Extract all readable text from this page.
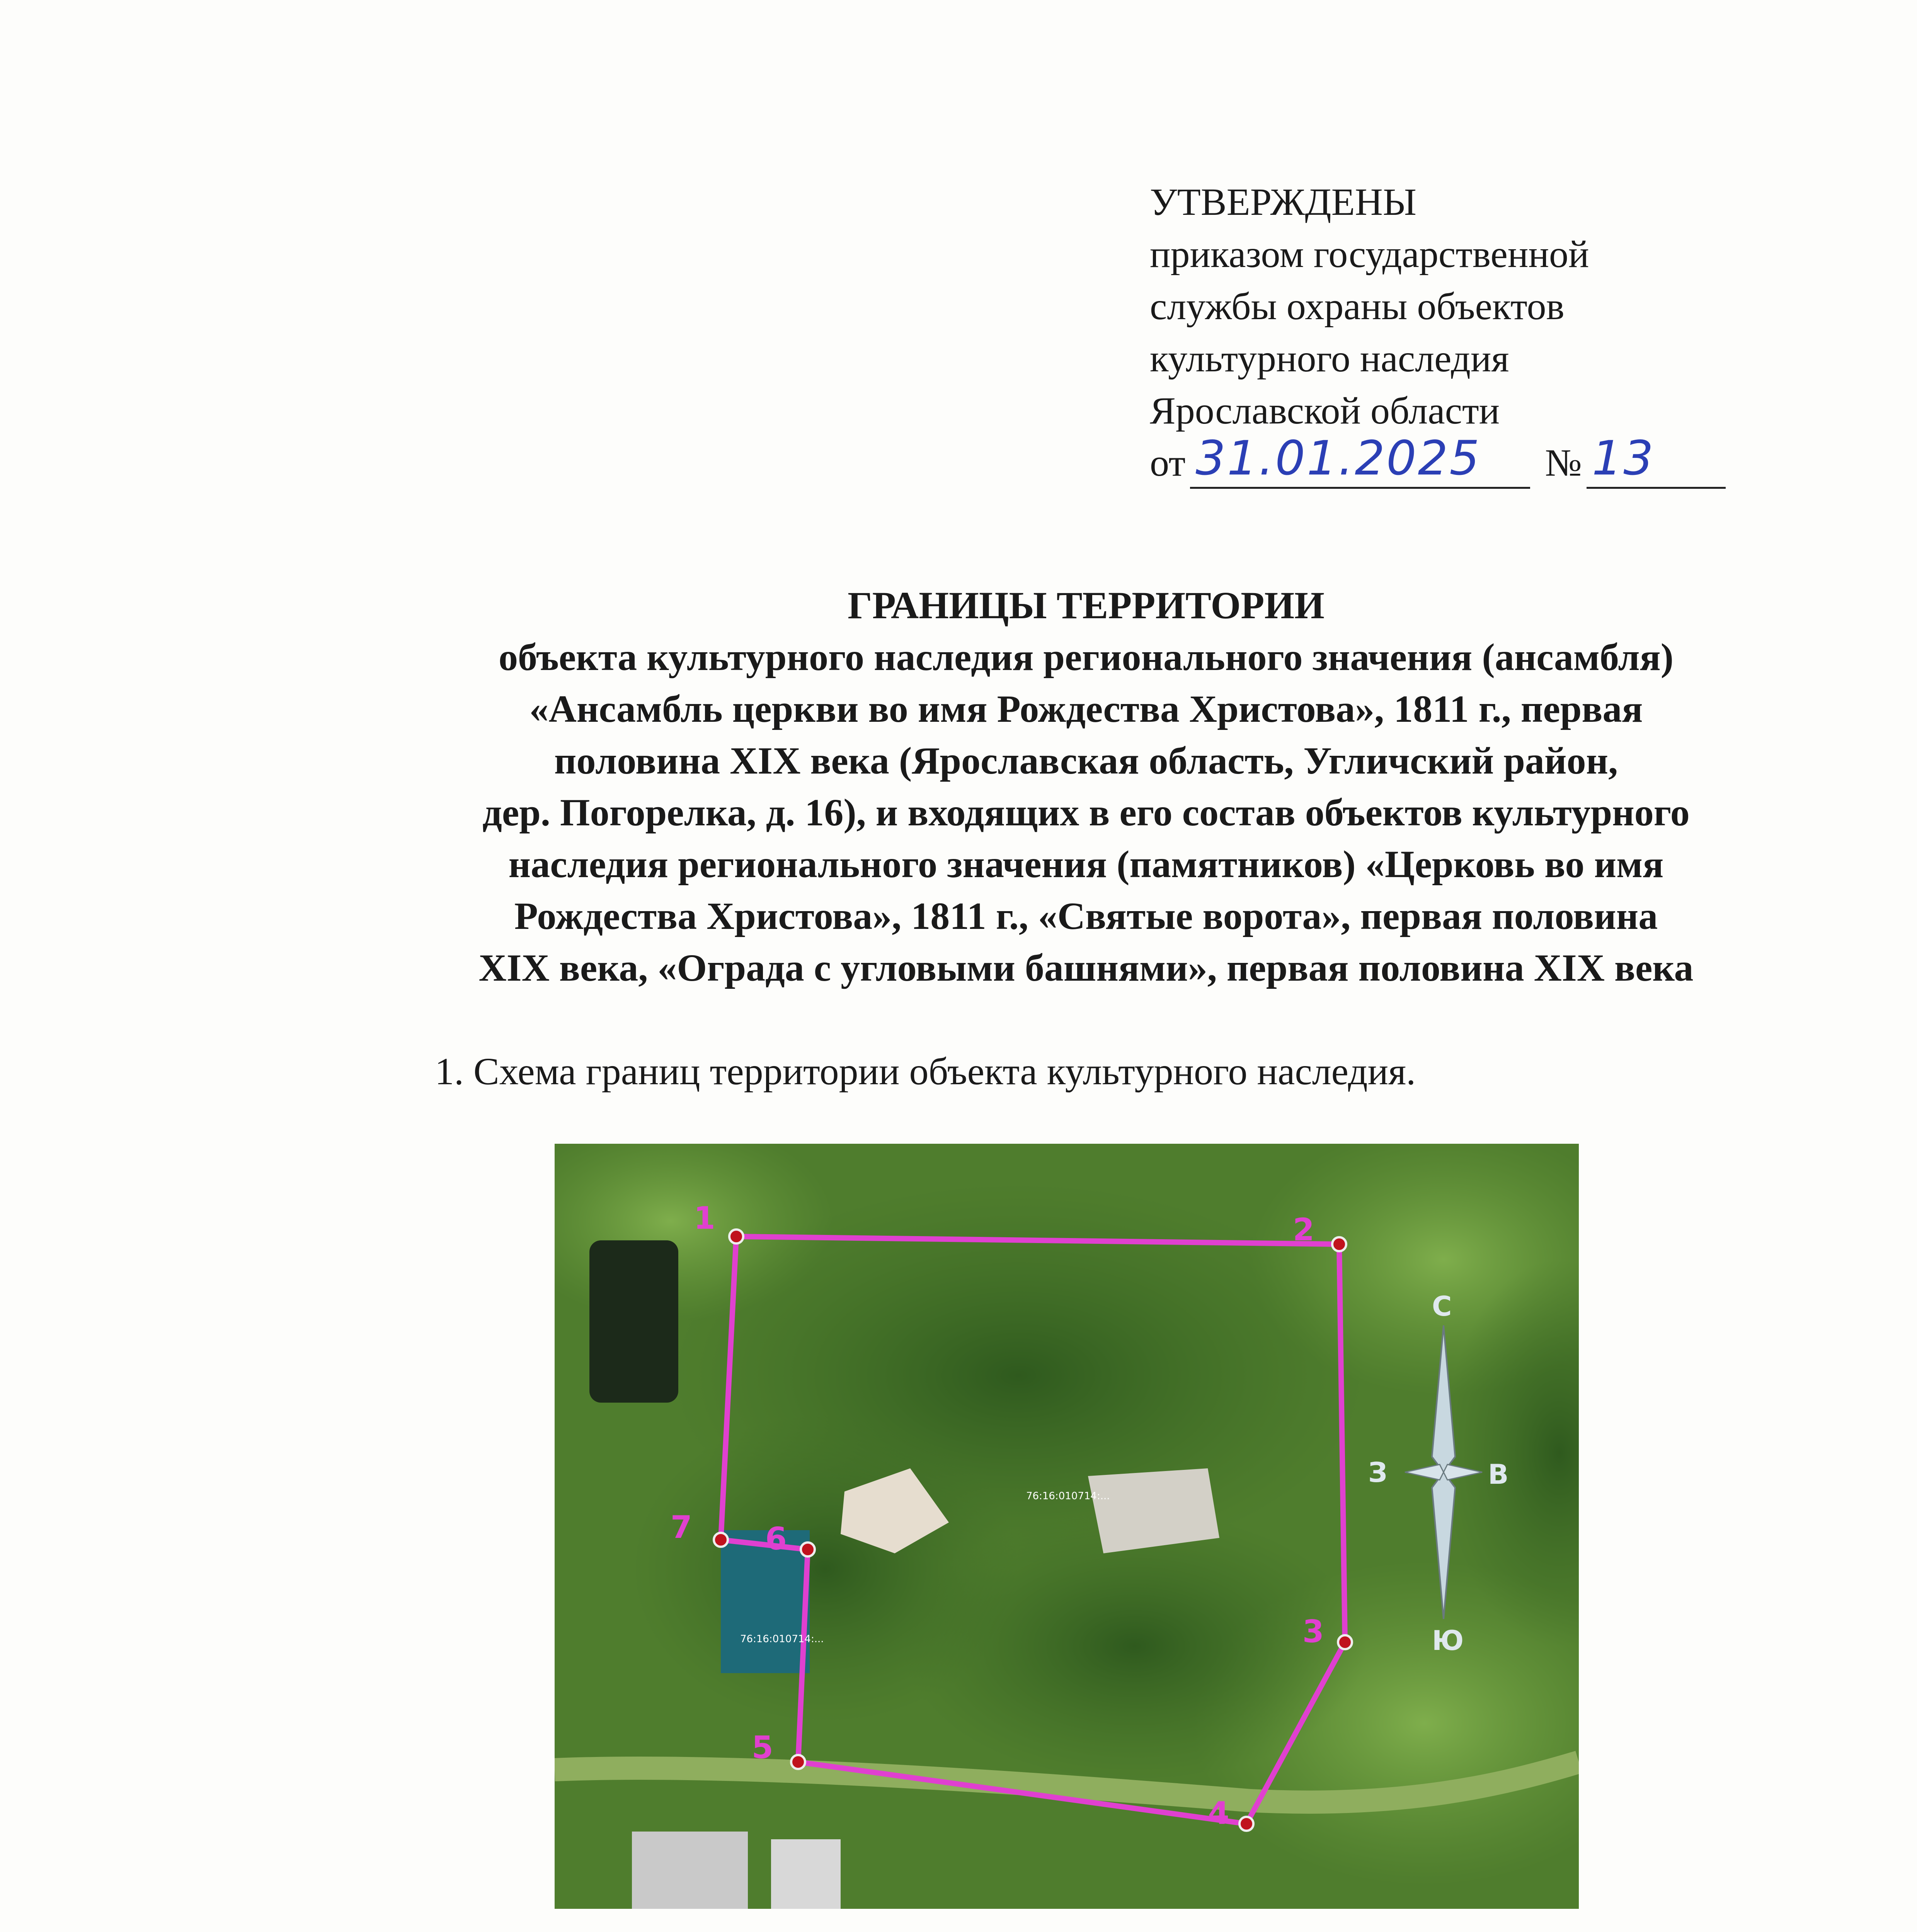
УТВЕРЖДЕНЫ
приказом государственной
службы охраны объектов
культурного наследия
Ярославской области
от 31.01.2025 № 13
ГРАНИЦЫ ТЕРРИТОРИИ
объекта культурного наследия регионального значения (ансамбля)
«Ансамбль церкви во имя Рождества Христова», 1811 г., первая
половина XIX века (Ярославская область, Угличский район,
дер. Погорелка, д. 16), и входящих в его состав объектов культурного
наследия регионального значения (памятников) «Церковь во имя
Рождества Христова», 1811 г., «Святые ворота», первая половина
XIX века, «Ограда с угловыми башнями», первая половина XIX века
1. Схема границ территории объекта культурного наследия.
1	2
3
4
5
6
7
76:16:010714:...
76:16:010714:...
С
Ю
З	В
